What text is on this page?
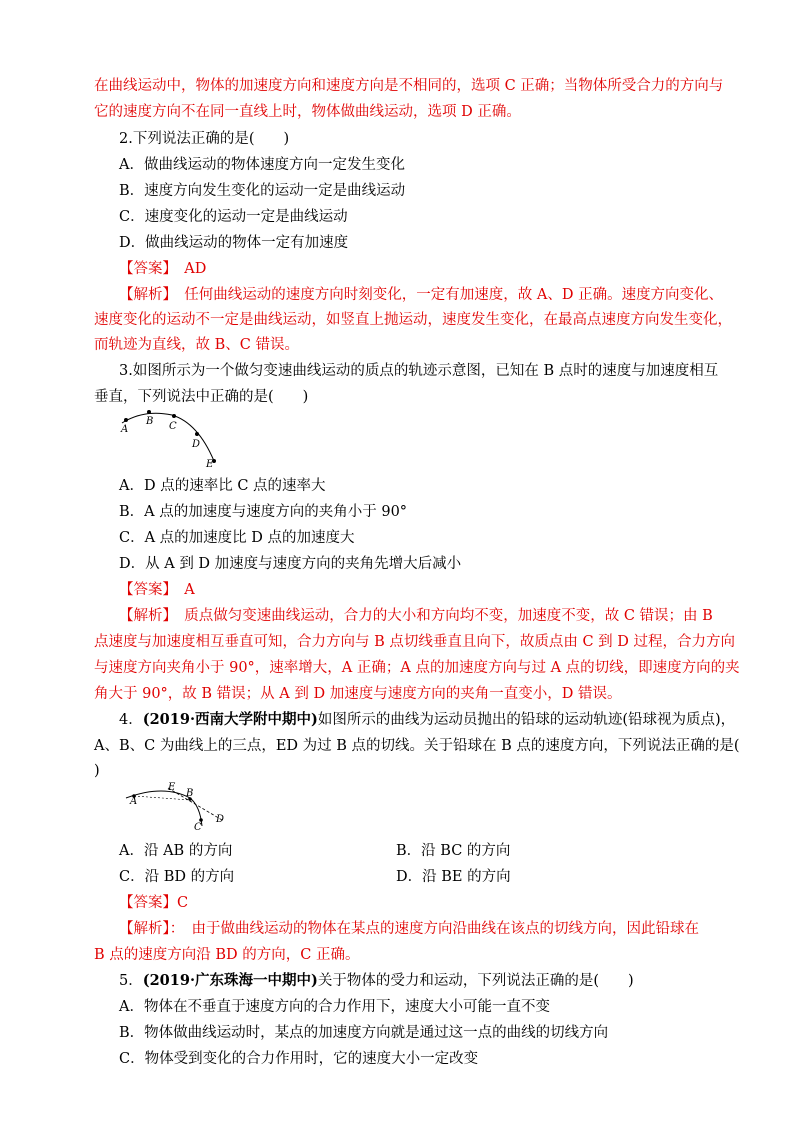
在曲线运动中，物体的加速度方向和速度方向是不相同的，选项 C 正确；当物体所受合力的方向与
它的速度方向不在同一直线上时，物体做曲线运动，选项 D 正确。
2.下列说法正确的是(　　)
A．做曲线运动的物体速度方向一定发生变化
B．速度方向发生变化的运动一定是曲线运动
C．速度变化的运动一定是曲线运动
D．做曲线运动的物体一定有加速度
【答案】　 AD
【解析】　 任何曲线运动的速度方向时刻变化，一定有加速度，故 A、D 正确。速度方向变化、
速度变化的运动不一定是曲线运动，如竖直上抛运动，速度发生变化，在最高点速度方向发生变化，
而轨迹为直线，故 B、C 错误。
3.如图所示为一个做匀变速曲线运动的质点的轨迹示意图，已知在 B 点时的速度与加速度相互
垂直，下列说法中正确的是(　　)
A
B C
D
E
A．D 点的速率比 C 点的速率大
B．A 点的加速度与速度方向的夹角小于 90°
C．A 点的加速度比 D 点的加速度大
D．从 A 到 D 加速度与速度方向的夹角先增大后减小
【答案】　 A
【解析】　 质点做匀变速曲线运动，合力的大小和方向均不变，加速度不变，故 C 错误；由 B
点速度与加速度相互垂直可知，合力方向与 B 点切线垂直且向下，故质点由 C 到 D 过程，合力方向
与速度方向夹角小于 90°，速率增大，A 正确；A 点的加速度方向与过 A 点的切线，即速度方向的夹
角大于 90°，故 B 错误；从 A 到 D 加速度与速度方向的夹角一直变小，D 错误。
4．(2019·西南大学附中期中)如图所示的曲线为运动员抛出的铅球的运动轨迹(铅球视为质点)，
A、B、C 为曲线上的三点，ED 为过 B 点的切线。关于铅球在 B 点的速度方向，下列说法正确的是(
)
A
E
B
C
D
A．沿 AB 的方向	B．沿 BC 的方向
C．沿 BD 的方向	D．沿 BE 的方向
【答案】C
【解析】：　 由于做曲线运动的物体在某点的速度方向沿曲线在该点的切线方向，因此铅球在
B 点的速度方向沿 BD 的方向，C 正确。
5．(2019·广东珠海一中期中)关于物体的受力和运动，下列说法正确的是(　　)
A．物体在不垂直于速度方向的合力作用下，速度大小可能一直不变
B．物体做曲线运动时，某点的加速度方向就是通过这一点的曲线的切线方向
C．物体受到变化的合力作用时，它的速度大小一定改变
